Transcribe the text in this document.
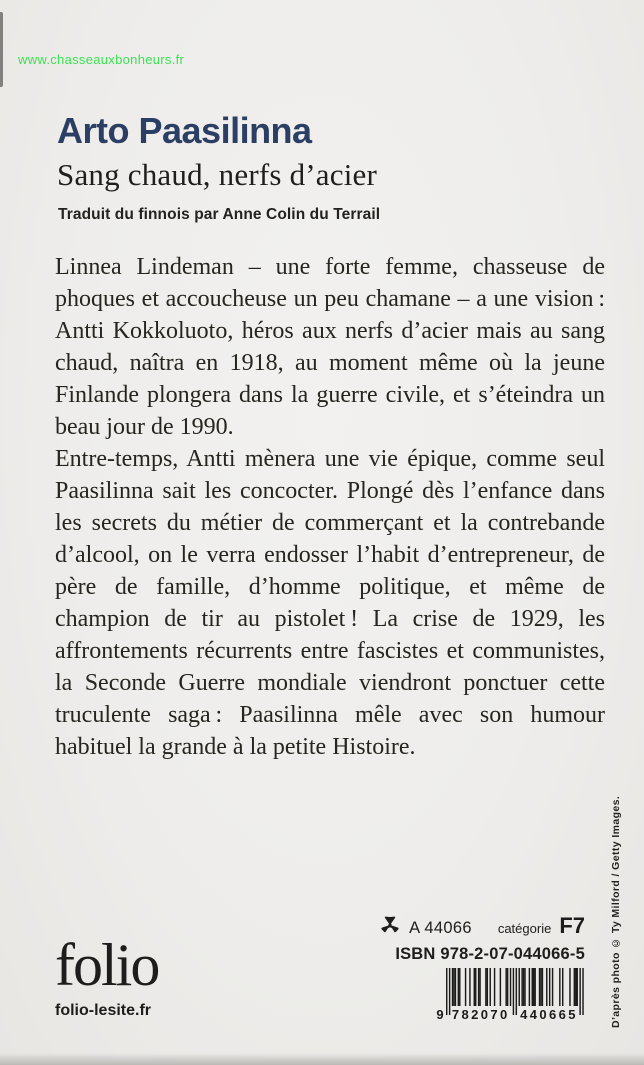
www.chasseauxbonheurs.fr
Arto Paasilinna
Sang chaud, nerfs d’acier
Traduit du finnois par Anne Colin du Terrail

Linnea Lindeman – une forte femme, chasseuse de phoques et accoucheuse un peu chamane – a une vision : Antti Kokkoluoto, héros aux nerfs d’acier mais au sang chaud, naîtra en 1918, au moment même où la jeune Finlande plongera dans la guerre civile, et s’éteindra un beau jour de 1990.

Entre-temps, Antti mènera une vie épique, comme seul Paasilinna sait les concocter. Plongé dès l’enfance dans les secrets du métier de commerçant et la contrebande d’alcool, on le verra endosser l’habit d’entrepreneur, de père de famille, d’homme politique, et même de champion de tir au pistolet ! La crise de 1929, les affrontements récurrents entre fascistes et communistes, la Seconde Guerre mondiale viendront ponctuer cette truculente saga : Paasilinna mêle avec son humour habituel la grande à la petite Histoire.

folio
folio-lesite.fr
A 44066 catégorie F7
ISBN 978-2-07-044066-5
9 782070 440665	D’après photo © Ty Milford / Getty Images.
